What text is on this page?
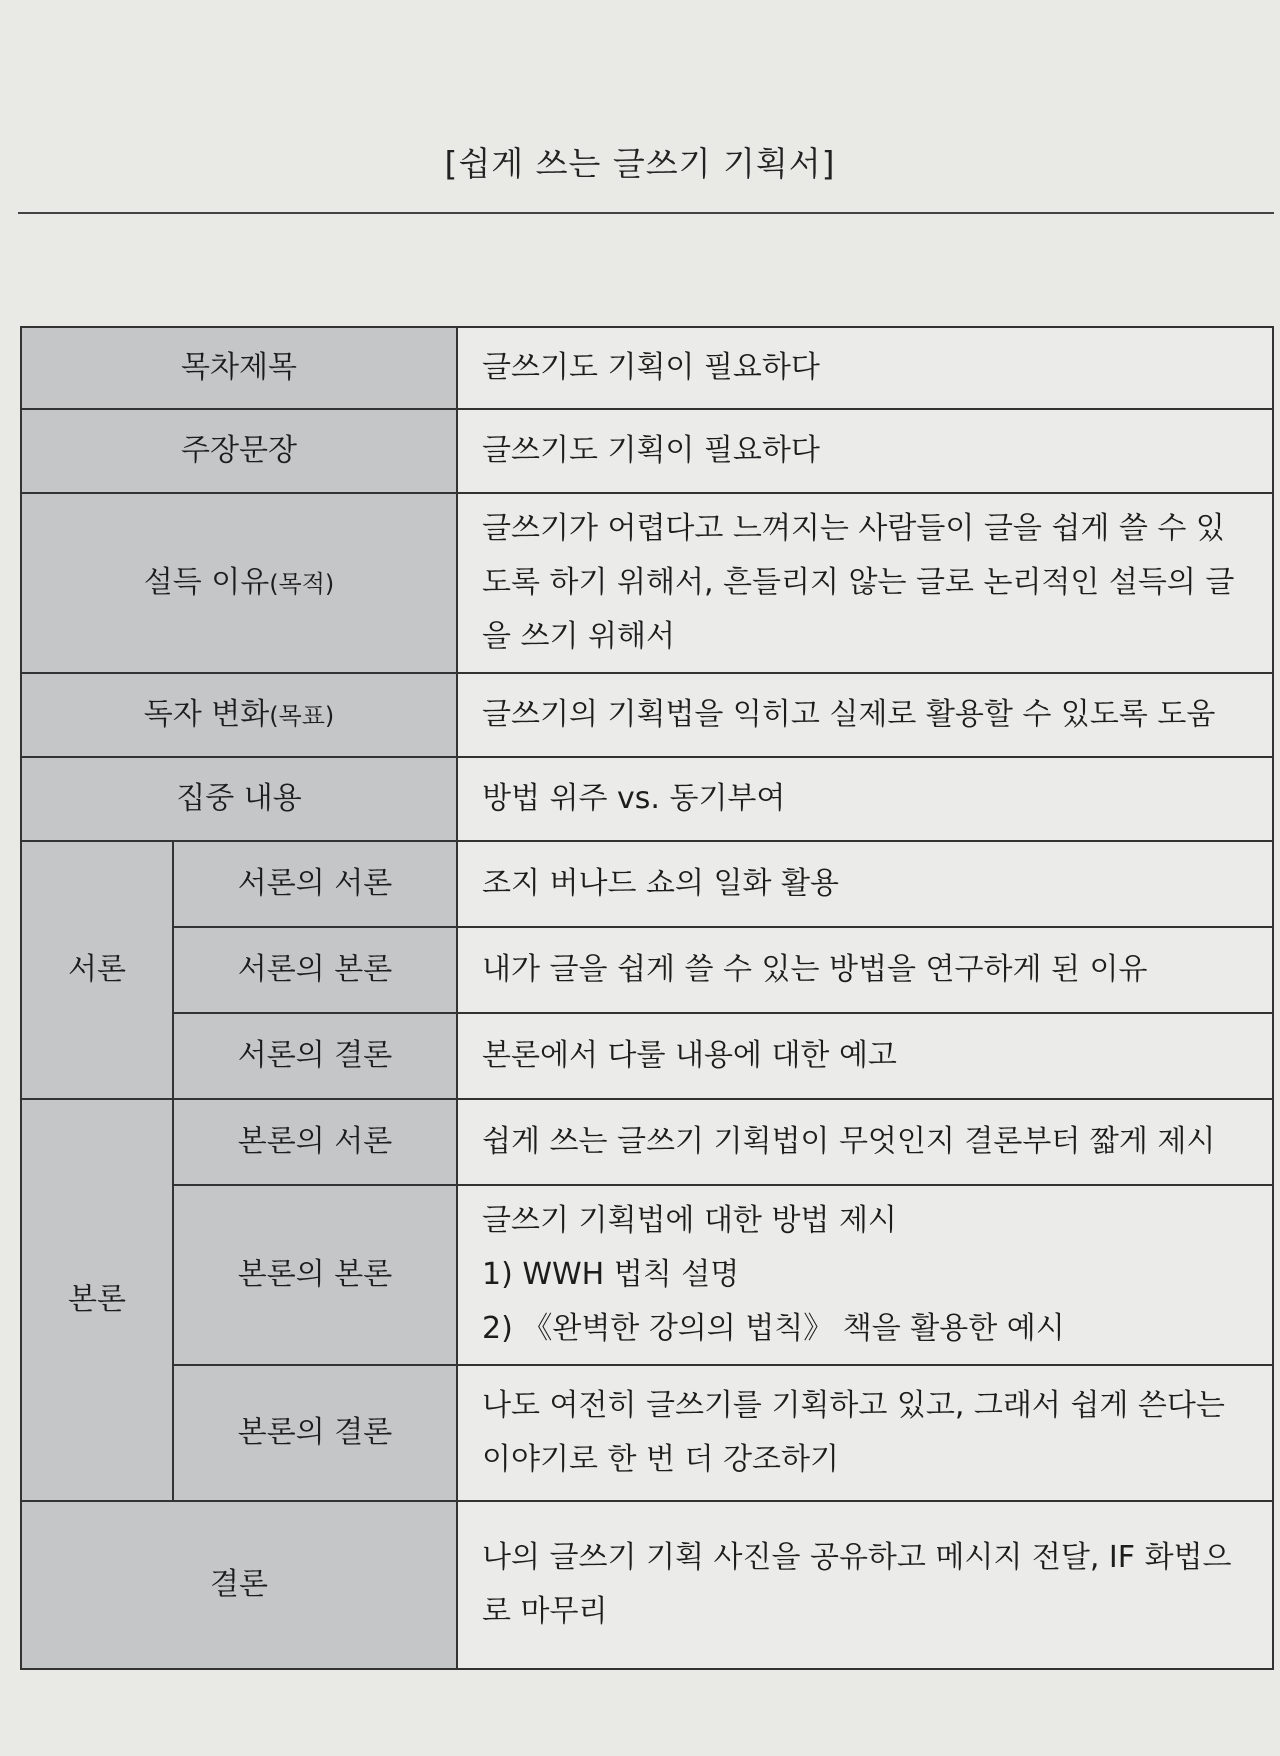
[쉽게 쓰는 글쓰기 기획서]
목차제목		글쓰기도 기획이 필요하다
주장문장		글쓰기도 기획이 필요하다
설득 이유(목적)		글쓰기가 어렵다고 느껴지는 사람들이 글을 쉽게 쓸 수 있도록 하기 위해서, 흔들리지 않는 글로 논리적인 설득의 글을 쓰기 위해서
독자 변화(목표)		글쓰기의 기획법을 익히고 실제로 활용할 수 있도록 도움
집중 내용		방법 위주 vs. 동기부여
서론	서론의 서론	조지 버나드 쇼의 일화 활용
	서론의 본론	내가 글을 쉽게 쓸 수 있는 방법을 연구하게 된 이유
	서론의 결론	본론에서 다룰 내용에 대한 예고
본론	본론의 서론	쉽게 쓰는 글쓰기 기획법이 무엇인지 결론부터 짧게 제시
	본론의 본론	글쓰기 기획법에 대한 방법 제시
1) WWH 법칙 설명
2) 《완벽한 강의의 법칙》 책을 활용한 예시

	본론의 결론	나도 여전히 글쓰기를 기획하고 있고, 그래서 쉽게 쓴다는 이야기로 한 번 더 강조하기
결론		나의 글쓰기 기획 사진을 공유하고 메시지 전달, IF 화법으로 마무리
